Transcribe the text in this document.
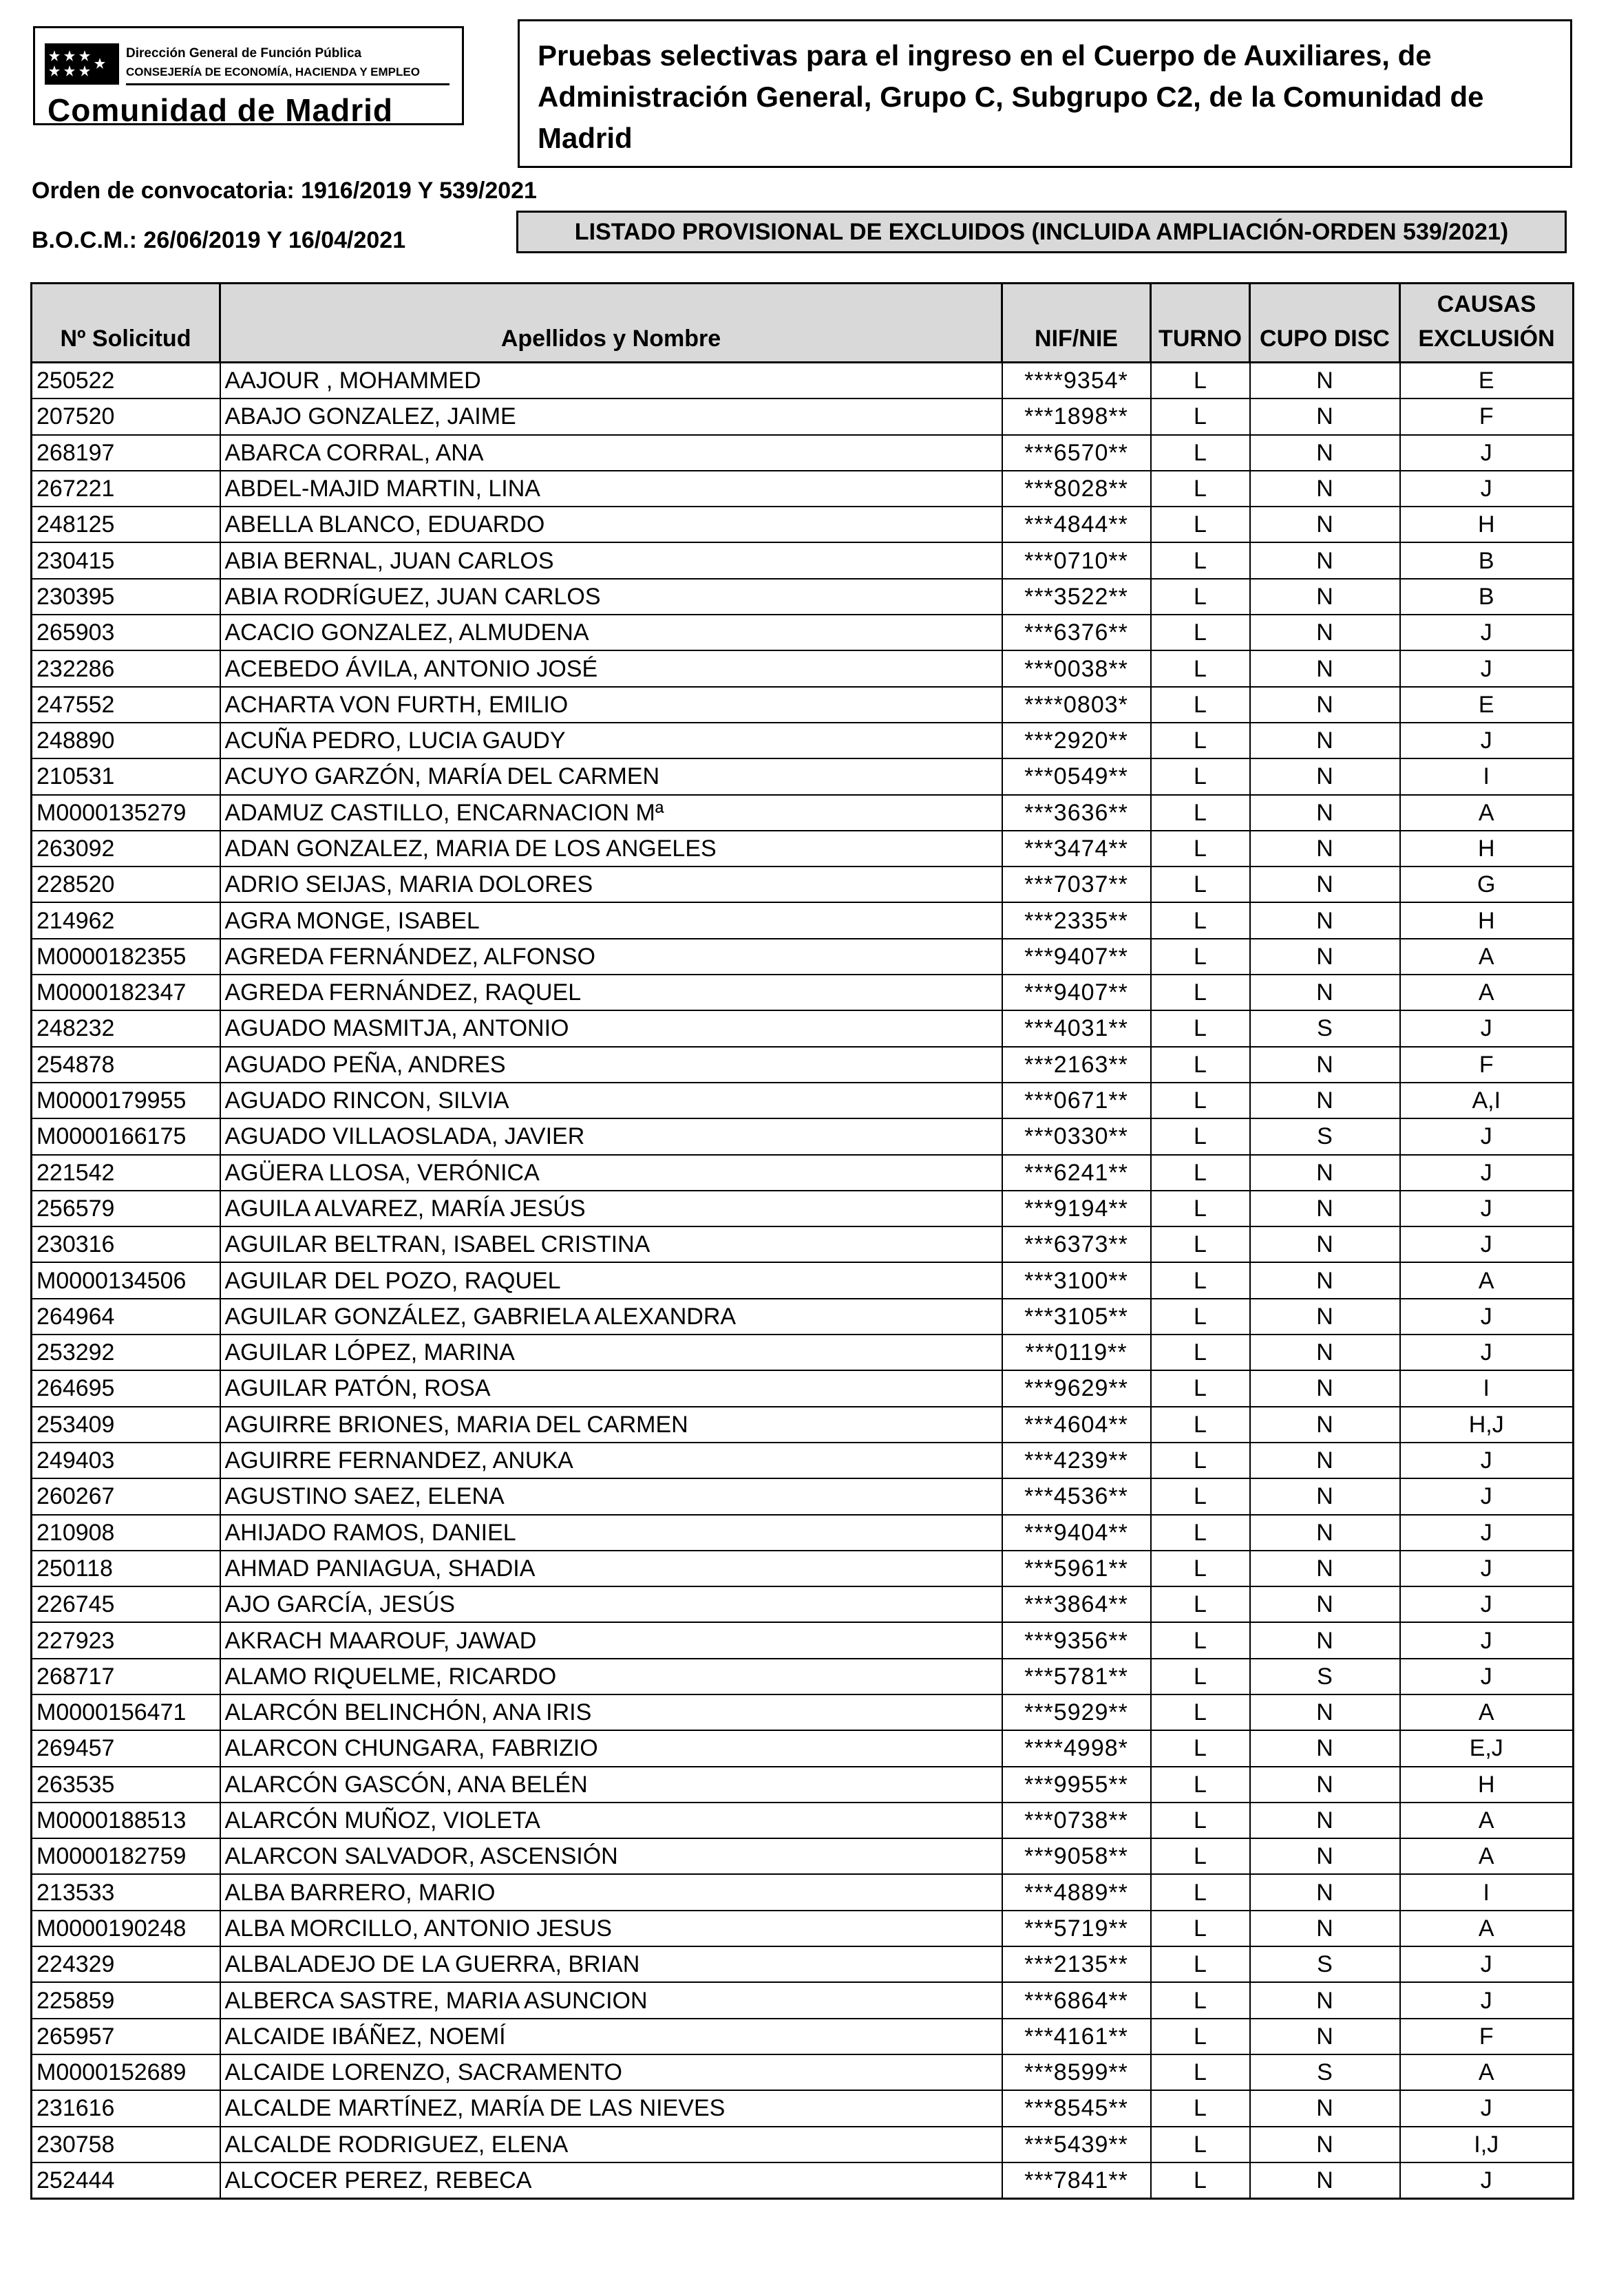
Dirección General de Función Pública
CONSEJERÍA DE ECONOMÍA, HACIENDA Y EMPLEO
Comunidad de Madrid
Pruebas selectivas para el ingreso en el Cuerpo de Auxiliares, de Administración General, Grupo C, Subgrupo C2, de la Comunidad de Madrid
Orden de convocatoria: 1916/2019 Y 539/2021
B.O.C.M.: 26/06/2019 Y 16/04/2021	LISTADO PROVISIONAL DE EXCLUIDOS (INCLUIDA AMPLIACIÓN-ORDEN 539/2021)
Nº Solicitud	Apellidos y Nombre	NIF/NIE	TURNO	CUPO DISC	CAUSAS
EXCLUSIÓN
250522	AAJOUR , MOHAMMED	****9354*	L	N	E
207520	ABAJO GONZALEZ, JAIME	***1898**	L	N	F
268197	ABARCA CORRAL, ANA	***6570**	L	N	J
267221	ABDEL-MAJID MARTIN, LINA	***8028**	L	N	J
248125	ABELLA BLANCO, EDUARDO	***4844**	L	N	H
230415	ABIA BERNAL, JUAN CARLOS	***0710**	L	N	B
230395	ABIA RODRÍGUEZ, JUAN CARLOS	***3522**	L	N	B
265903	ACACIO GONZALEZ, ALMUDENA	***6376**	L	N	J
232286	ACEBEDO ÁVILA, ANTONIO JOSÉ	***0038**	L	N	J
247552	ACHARTA VON FURTH, EMILIO	****0803*	L	N	E
248890	ACUÑA PEDRO, LUCIA GAUDY	***2920**	L	N	J
210531	ACUYO GARZÓN, MARÍA DEL CARMEN	***0549**	L	N	I
M0000135279	ADAMUZ CASTILLO, ENCARNACION Mª	***3636**	L	N	A
263092	ADAN GONZALEZ, MARIA DE LOS ANGELES	***3474**	L	N	H
228520	ADRIO SEIJAS, MARIA DOLORES	***7037**	L	N	G
214962	AGRA MONGE, ISABEL	***2335**	L	N	H
M0000182355	AGREDA FERNÁNDEZ, ALFONSO	***9407**	L	N	A
M0000182347	AGREDA FERNÁNDEZ, RAQUEL	***9407**	L	N	A
248232	AGUADO MASMITJA, ANTONIO	***4031**	L	S	J
254878	AGUADO PEÑA, ANDRES	***2163**	L	N	F
M0000179955	AGUADO RINCON, SILVIA	***0671**	L	N	A,I
M0000166175	AGUADO VILLAOSLADA, JAVIER	***0330**	L	S	J
221542	AGÜERA LLOSA, VERÓNICA	***6241**	L	N	J
256579	AGUILA ALVAREZ, MARÍA JESÚS	***9194**	L	N	J
230316	AGUILAR BELTRAN, ISABEL CRISTINA	***6373**	L	N	J
M0000134506	AGUILAR DEL POZO, RAQUEL	***3100**	L	N	A
264964	AGUILAR GONZÁLEZ, GABRIELA ALEXANDRA	***3105**	L	N	J
253292	AGUILAR LÓPEZ, MARINA	***0119**	L	N	J
264695	AGUILAR PATÓN, ROSA	***9629**	L	N	I
253409	AGUIRRE BRIONES, MARIA DEL CARMEN	***4604**	L	N	H,J
249403	AGUIRRE FERNANDEZ, ANUKA	***4239**	L	N	J
260267	AGUSTINO SAEZ, ELENA	***4536**	L	N	J
210908	AHIJADO RAMOS, DANIEL	***9404**	L	N	J
250118	AHMAD PANIAGUA, SHADIA	***5961**	L	N	J
226745	AJO GARCÍA, JESÚS	***3864**	L	N	J
227923	AKRACH MAAROUF, JAWAD	***9356**	L	N	J
268717	ALAMO RIQUELME, RICARDO	***5781**	L	S	J
M0000156471	ALARCÓN BELINCHÓN, ANA IRIS	***5929**	L	N	A
269457	ALARCON CHUNGARA, FABRIZIO	****4998*	L	N	E,J
263535	ALARCÓN GASCÓN, ANA BELÉN	***9955**	L	N	H
M0000188513	ALARCÓN MUÑOZ, VIOLETA	***0738**	L	N	A
M0000182759	ALARCON SALVADOR, ASCENSIÓN	***9058**	L	N	A
213533	ALBA BARRERO, MARIO	***4889**	L	N	I
M0000190248	ALBA MORCILLO, ANTONIO JESUS	***5719**	L	N	A
224329	ALBALADEJO DE LA GUERRA, BRIAN	***2135**	L	S	J
225859	ALBERCA SASTRE, MARIA ASUNCION	***6864**	L	N	J
265957	ALCAIDE IBÁÑEZ, NOEMÍ	***4161**	L	N	F
M0000152689	ALCAIDE LORENZO, SACRAMENTO	***8599**	L	S	A
231616	ALCALDE MARTÍNEZ, MARÍA DE LAS NIEVES	***8545**	L	N	J
230758	ALCALDE RODRIGUEZ, ELENA	***5439**	L	N	I,J
252444	ALCOCER PEREZ, REBECA	***7841**	L	N	J
